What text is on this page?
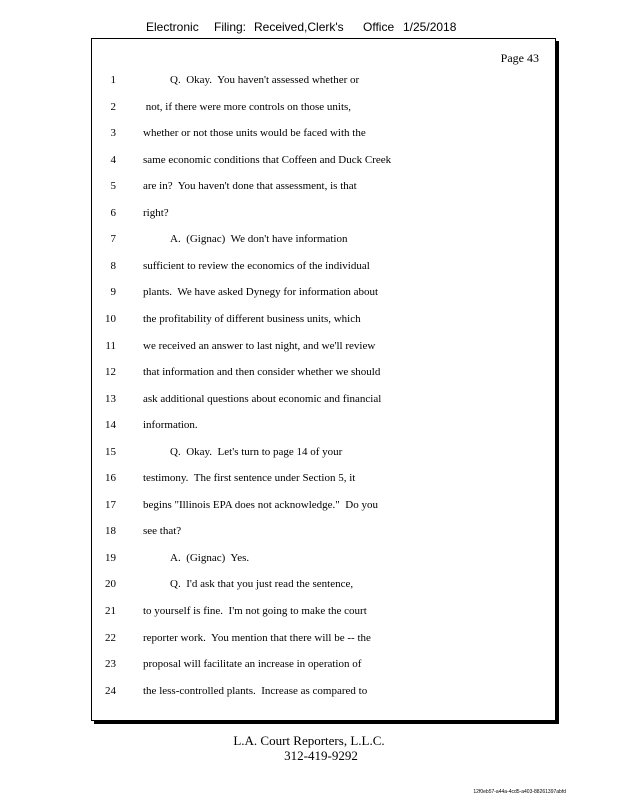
Electronic Filing: Received,Clerk's Office 1/25/2018
Page 43
1	Q.  Okay.  You haven't assessed whether or
2 not, if there were more controls on those units,
3 whether or not those units would be faced with the
4 same economic conditions that Coffeen and Duck Creek
5 are in?  You haven't done that assessment, is that
6 right?
7	A.  (Gignac)  We don't have information
8 sufficient to review the economics of the individual
9 plants.  We have asked Dynegy for information about
10 the profitability of different business units, which
11 we received an answer to last night, and we'll review
12 that information and then consider whether we should
13 ask additional questions about economic and financial
14 information.
15	Q.  Okay.  Let's turn to page 14 of your
16 testimony.  The first sentence under Section 5, it
17 begins "Illinois EPA does not acknowledge."  Do you
18 see that?
19	A.  (Gignac)  Yes.
20	Q.  I'd ask that you just read the sentence,
21 to yourself is fine.  I'm not going to make the court
22 reporter work.  You mention that there will be -- the
23 proposal will facilitate an increase in operation of
24 the less-controlled plants.  Increase as compared to
L.A. Court Reporters, L.L.C.
312-419-9292
12f0eb57-a44a-4cd5-a403-88261397abfd
